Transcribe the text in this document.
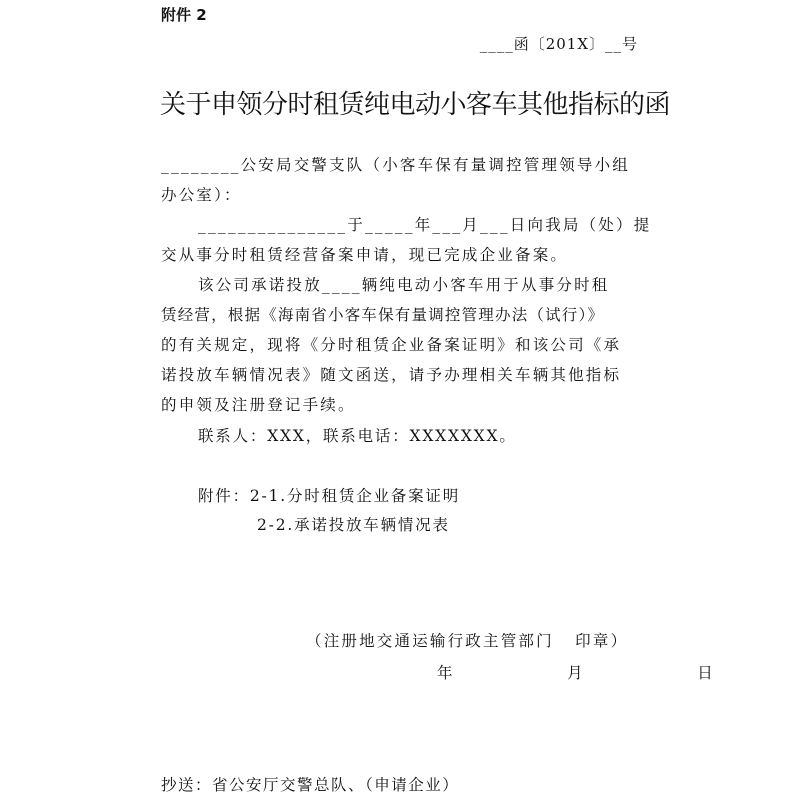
附件 2
____函〔201X〕__号
关于申领分时租赁纯电动小客车其他指标的函
________公安局交警支队（小客车保有量调控管理领导小组
办公室）：
_______________于_____年___月___日向我局（处）提
交从事分时租赁经营备案申请，现已完成企业备案。
该公司承诺投放____辆纯电动小客车用于从事分时租
赁经营，根据《海南省小客车保有量调控管理办法（试行）》
的有关规定，现将《分时租赁企业备案证明》和该公司《承
诺投放车辆情况表》随文函送，请予办理相关车辆其他指标
的申领及注册登记手续。
联系人：XXX，联系电话：XXXXXXX。
附件：2-1.分时租赁企业备案证明
2-2.承诺投放车辆情况表
（注册地交通运输行政主管部门   印章）
年     月     日
抄送：省公安厅交警总队、（申请企业）
